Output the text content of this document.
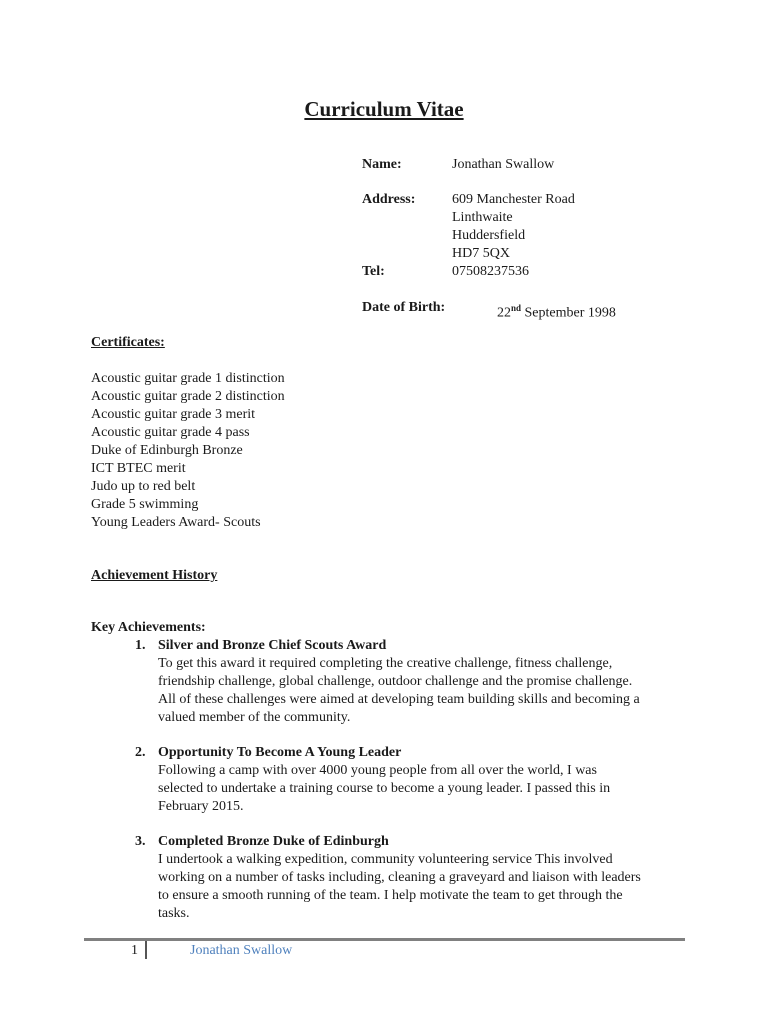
Curriculum Vitae
Name:	Jonathan Swallow
Address:	609 Manchester Road
Linthwaite
Huddersfield
HD7 5QX
Tel:	07508237536
Date of Birth:	22nd September 1998
Certificates:
Acoustic guitar grade 1 distinction
Acoustic guitar grade 2 distinction
Acoustic guitar grade 3 merit
Acoustic guitar grade 4 pass
Duke of Edinburgh Bronze
ICT BTEC merit
Judo up to red belt
Grade 5 swimming
Young Leaders Award- Scouts
Achievement History
Key Achievements:
1. Silver and Bronze Chief Scouts Award
To get this award it required completing the creative challenge, fitness challenge,
friendship challenge, global challenge, outdoor challenge and the promise challenge.
All of these challenges were aimed at developing team building skills and becoming a
valued member of the community.
2. Opportunity To Become A Young Leader
Following a camp with over 4000 young people from all over the world, I was
selected to undertake a training course to become a young leader. I passed this in
February 2015.
3. Completed Bronze Duke of Edinburgh
I undertook a walking expedition, community volunteering service This involved
working on a number of tasks including, cleaning a graveyard and liaison with leaders
to ensure a smooth running of the team. I help motivate the team to get through the
tasks.
1	Jonathan Swallow
